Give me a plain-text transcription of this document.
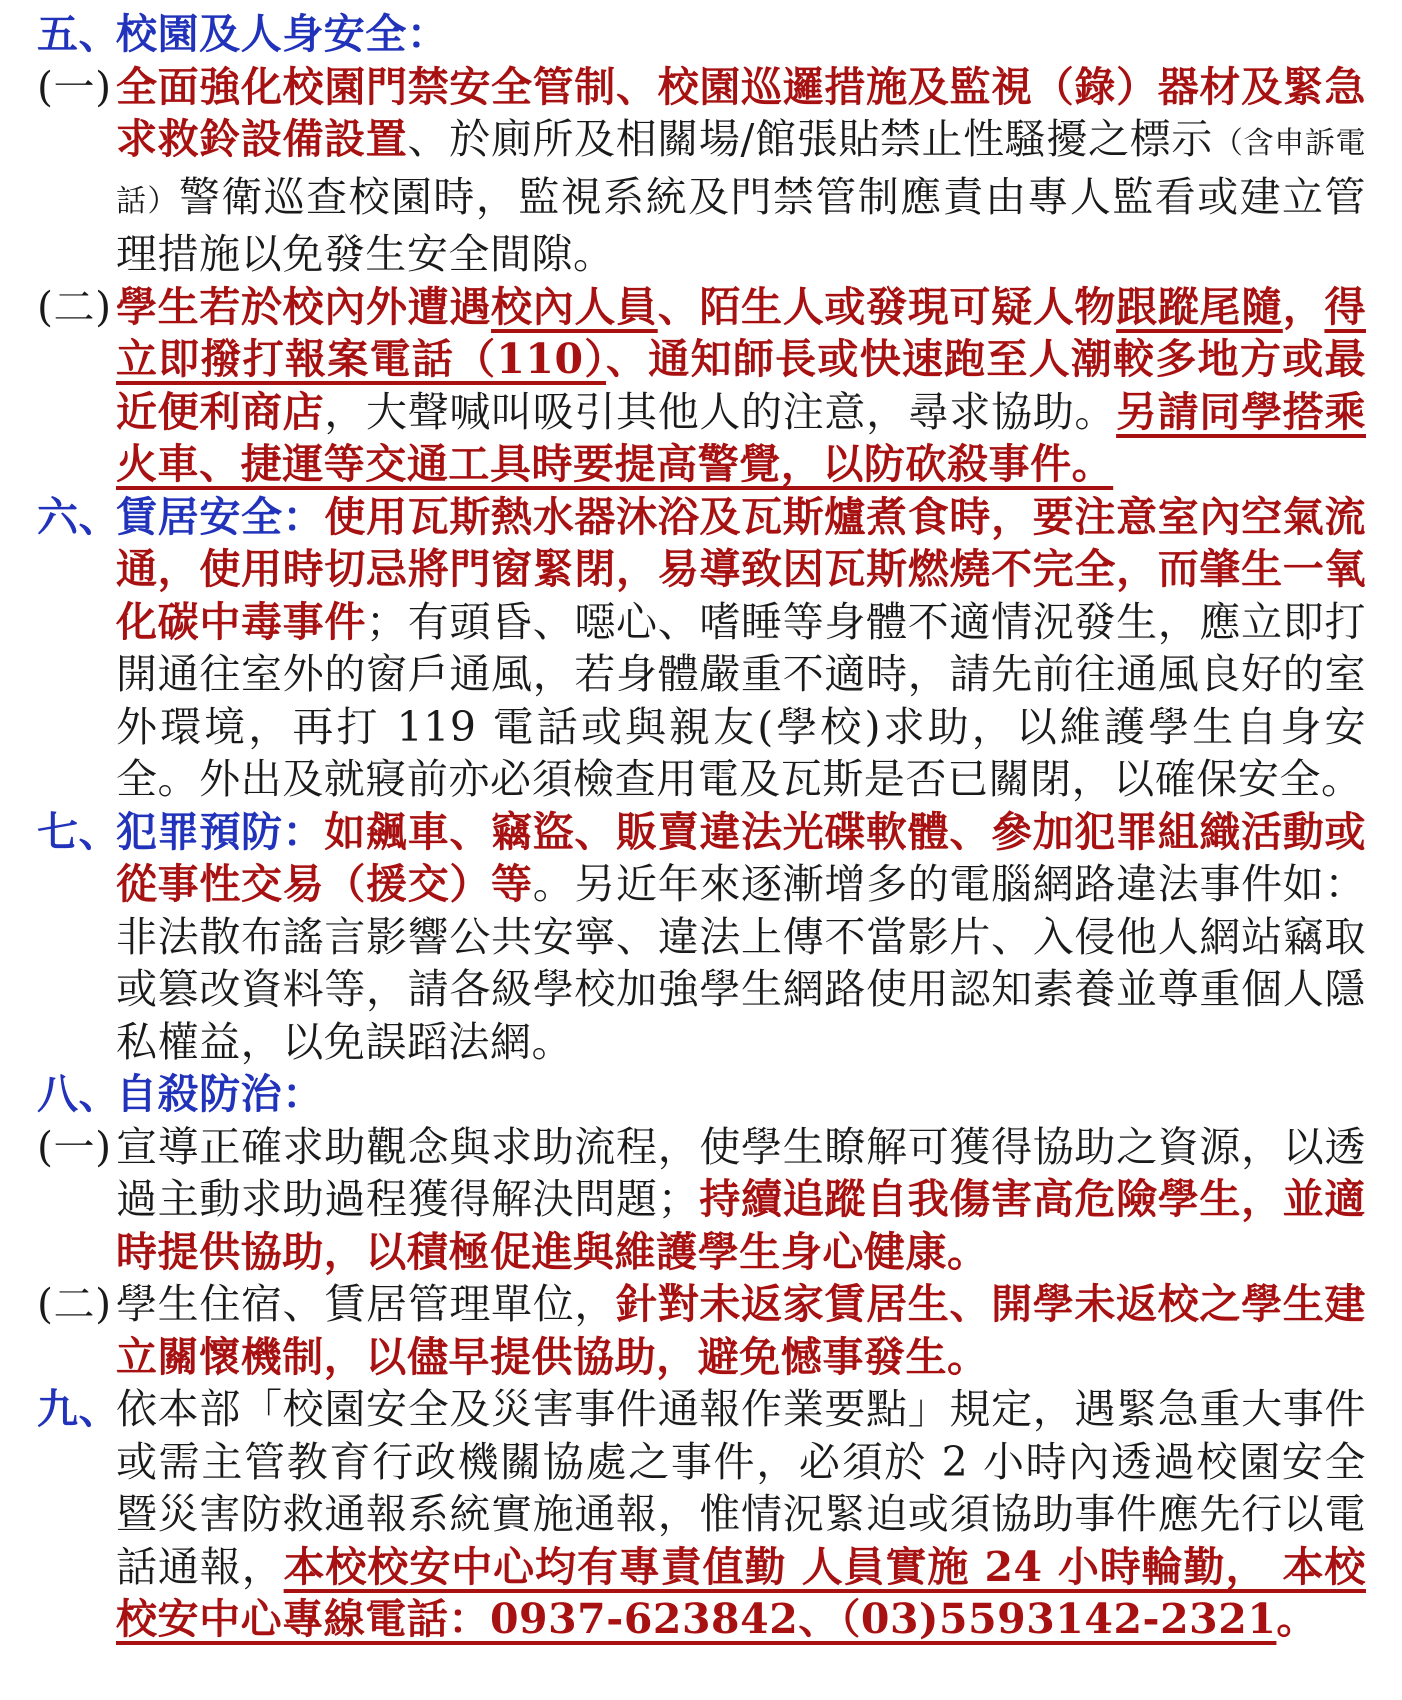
五、
校園及人身安全：
(一) 全面強化校園門禁安全管制、校園巡邏措施及監視（錄）器材及緊急求救鈴設備設置、於廁所及相關場/館張貼禁止性騷擾之標示（含申訴電話）警衛巡查校園時，監視系統及門禁管制應責由專人監看或建立管理措施以免發生安全間隙。
(二) 學生若於校內外遭遇校內人員、陌生人或發現可疑人物跟蹤尾隨，得立即撥打報案電話（110）、通知師長或快速跑至人潮較多地方或最近便利商店，大聲喊叫吸引其他人的注意，尋求協助。另請同學搭乘火車、捷運等交通工具時要提高警覺，以防砍殺事件。
六、
賃居安全：使用瓦斯熱水器沐浴及瓦斯爐煮食時，要注意室內空氣流通，使用時切忌將門窗緊閉，易導致因瓦斯燃燒不完全，而肇生一氧化碳中毒事件；有頭昏、噁心、嗜睡等身體不適情況發生，應立即打開通往室外的窗戶通風，若身體嚴重不適時，請先前往通風良好的室外環境，再打 119 電話或與親友(學校)求助，以維護學生自身安全。外出及就寢前亦必須檢查用電及瓦斯是否已關閉，以確保安全。
七、
犯罪預防：如飆車、竊盜、販賣違法光碟軟體、參加犯罪組織活動或從事性交易（援交）等。另近年來逐漸增多的電腦網路違法事件如：非法散布謠言影響公共安寧、違法上傳不當影片、入侵他人網站竊取或篡改資料等，請各級學校加強學生網路使用認知素養並尊重個人隱私權益，以免誤蹈法網。
八、
自殺防治：
(一) 宣導正確求助觀念與求助流程，使學生瞭解可獲得協助之資源，以透過主動求助過程獲得解決問題；持續追蹤自我傷害高危險學生，並適時提供協助，以積極促進與維護學生身心健康。
(二) 學生住宿、賃居管理單位，針對未返家賃居生、開學未返校之學生建立關懷機制，以儘早提供協助，避免憾事發生。
九、
依本部「校園安全及災害事件通報作業要點」規定，遇緊急重大事件或需主管教育行政機關協處之事件，必須於 2 小時內透過校園安全暨災害防救通報系統實施通報，惟情況緊迫或須協助事件應先行以電話通報，本校校安中心均有專責值勤 人員實施 24 小時輪勤， 本校校安中心專線電話：0937-623842、（03)5593142-2321。
